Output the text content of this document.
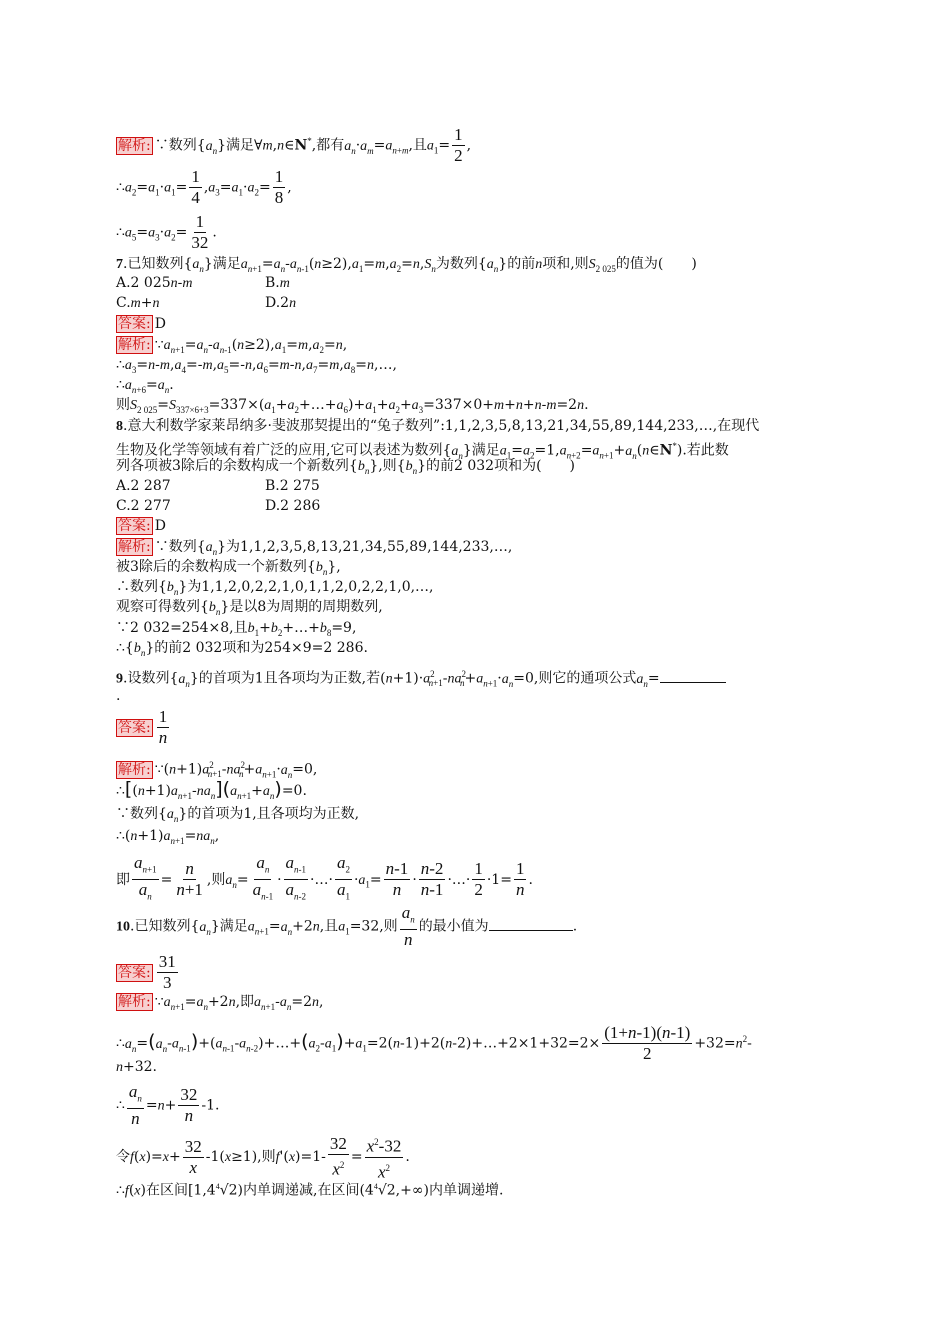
解析: ∵数列$\{a_n\}$满足∀m,n∈N*,都有$a_n\cdot a_m=a_{n+m}$,且$a_1= \frac{1}{2}$ ,
$\therefore a_2=a_1\cdot a_1= \frac{1}{4} ,a_3=a_1\cdot a_2= \frac{1}{8}$ ,
$\therefore a_5=a_3\cdot a_2= \frac{1}{32}$ .
7.已知数列$\{a_n\}$满足$a_{n+1}=a_n-a_{n-1}(n\ge 2),a_1=m,a_2=n,S_n$为数列$\{a_n\}$的前n项和,则$S_{2 025}$的值为(　　)
A.2 025n-m	B.m
C.m+n	D.2n
答案: D
解析: $\because a_{n+1}=a_n-a_{n-1}(n\ge 2),a_1=m,a_2=n$,
$\therefore a_3=n-m,a_4=-m,a_5=-n,a_6=m-n,a_7=m,a_8=n,\dots$,
$\therefore a_{n+6}=a_n$.
则$S_{2 025}=S_{337\times 6+3}=337\times(a_1+a_2+\dots+a_6)+a_1+a_2+a_3=337\times 0+m+n+n-m=2n$.
8.意大利数学家莱昂纳多·斐波那契提出的“兔子数列”:1,1,2,3,5,8,13,21,34,55,89,144,233,…,在现代
生物及化学等领域有着广泛的应用,它可以表述为数列$\{a_n\}$满足$a_1=a_2=1,a_{n+2}=a_{n+1}+a_n(n\in N^*)$.若此数
列各项被3除后的余数构成一个新数列$\{b_n\}$,则$\{b_n\}$的前2 032项和为(　　)
A.2 287	B.2 275
C.2 277	D.2 286
答案: D
解析: ∵数列$\{a_n\}$为1,1,2,3,5,8,13,21,34,55,89,144,233,…,
被3除后的余数构成一个新数列$\{b_n\}$,
∴数列$\{b_n\}$为1,1,2,0,2,2,1,0,1,1,2,0,2,2,1,0,…,
观察可得数列$\{b_n\}$是以8为周期的周期数列,
∵2 032=254×8,且$b_1+b_2+\dots+b_8=9$,
$\therefore\{b_n\}$的前2 032项和为254×9=2 286.
9.设数列$\{a_n\}$的首项为1且各项均为正数,若$(n+1)\cdot a^2_{n+1}-na^2_n+a_{n+1}\cdot a_n=0$,则它的通项公式$a_n=$
.
答案: $\frac{1}{n}$
解析: $\because(n+1)a^2_{n+1}-na^2_n+a_{n+1}\cdot a_n=0$,
$\therefore[(n+1)a_{n+1}-na_n](a_{n+1}+a_n)=0$.
∵数列$\{a_n\}$的首项为1,且各项均为正数,
$\therefore(n+1)a_{n+1}=na_n$,
即 $\frac{a_{n+1}}{a_n} = \frac{n}{n+1}$ ,则$a_n= \frac{a_n}{a_{n-1}} \cdot \frac{a_{n-1}}{a_{n-2}}$ ·…· $\frac{a_2}{a_1} \cdot a_1= \frac{n-1}{n} \cdot \frac{n-2}{n-1}$ ·…· $\frac{1}{2} \cdot 1= \frac{1}{n}$ .
10.已知数列$\{a_n\}$满足$a_{n+1}=a_n+2n$,且$a_1=32$,则 $\frac{a_n}{n}$ 的最小值为	.
答案: $\frac{31}{3}$
解析: $\because a_{n+1}=a_n+2n$,即$a_{n+1}-a_n=2n$,
$\therefore a_n=(a_n-a_{n-1})+(a_{n-1}-a_{n-2})+\dots+(a_2-a_1)+a_1=2(n-1)+2(n-2)+\dots+2\times 1+32=2\times \frac{(1+n-1)(n-1)}{2} +32=n^2-$
n+32.
∴ $\frac{a_n}{n} =n+ \frac{32}{n} -1$.
令$f(x)=x+ \frac{32}{x} -1(x\ge 1)$,则$f'(x)=1- \frac{32}{x^2} = \frac{x^2-32}{x^2}$ .
∴f(x)在区间$[1,4^4√2)$内单调递减,在区间$(4^4√2,+\infty)$内单调递增.
